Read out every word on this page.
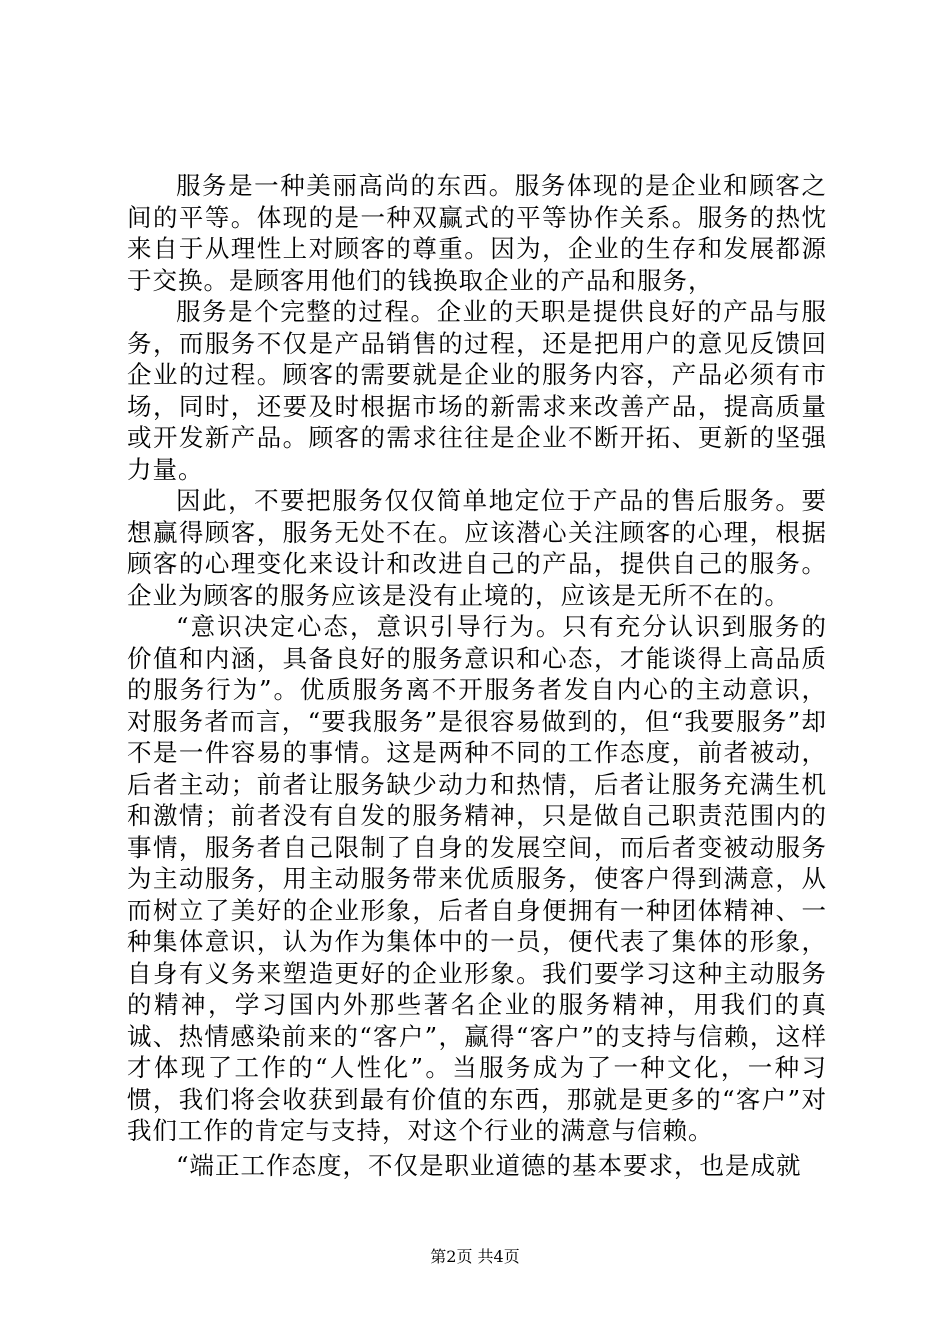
服务是一种美丽高尚的东西。服务体现的是企业和顾客之间的平等。体现的是一种双赢式的平等协作关系。服务的热忱来自于从理性上对顾客的尊重。因为，企业的生存和发展都源于交换。是顾客用他们的钱换取企业的产品和服务，

服务是个完整的过程。企业的天职是提供良好的产品与服务，而服务不仅是产品销售的过程，还是把用户的意见反馈回企业的过程。顾客的需要就是企业的服务内容，产品必须有市场，同时，还要及时根据市场的新需求来改善产品，提高质量或开发新产品。顾客的需求往往是企业不断开拓、更新的坚强力量。

因此，不要把服务仅仅简单地定位于产品的售后服务。要想赢得顾客，服务无处不在。应该潜心关注顾客的心理，根据顾客的心理变化来设计和改进自己的产品，提供自己的服务。企业为顾客的服务应该是没有止境的，应该是无所不在的。

“意识决定心态，意识引导行为。只有充分认识到服务的价值和内涵，具备良好的服务意识和心态，才能谈得上高品质的服务行为”。优质服务离不开服务者发自内心的主动意识，对服务者而言，“要我服务”是很容易做到的，但“我要服务”却不是一件容易的事情。这是两种不同的工作态度，前者被动，后者主动；前者让服务缺少动力和热情，后者让服务充满生机和激情；前者没有自发的服务精神，只是做自己职责范围内的事情，服务者自己限制了自身的发展空间，而后者变被动服务为主动服务，用主动服务带来优质服务，使客户得到满意，从而树立了美好的企业形象，后者自身便拥有一种团体精神、一种集体意识，认为作为集体中的一员，便代表了集体的形象，自身有义务来塑造更好的企业形象。我们要学习这种主动服务的精神，学习国内外那些著名企业的服务精神，用我们的真诚、热情感染前来的“客户”，赢得“客户”的支持与信赖，这样才体现了工作的“人性化”。当服务成为了一种文化，一种习惯，我们将会收获到最有价值的东西，那就是更多的“客户”对我们工作的肯定与支持，对这个行业的满意与信赖。

“端正工作态度，不仅是职业道德的基本要求，也是成就

第2页 共4页
